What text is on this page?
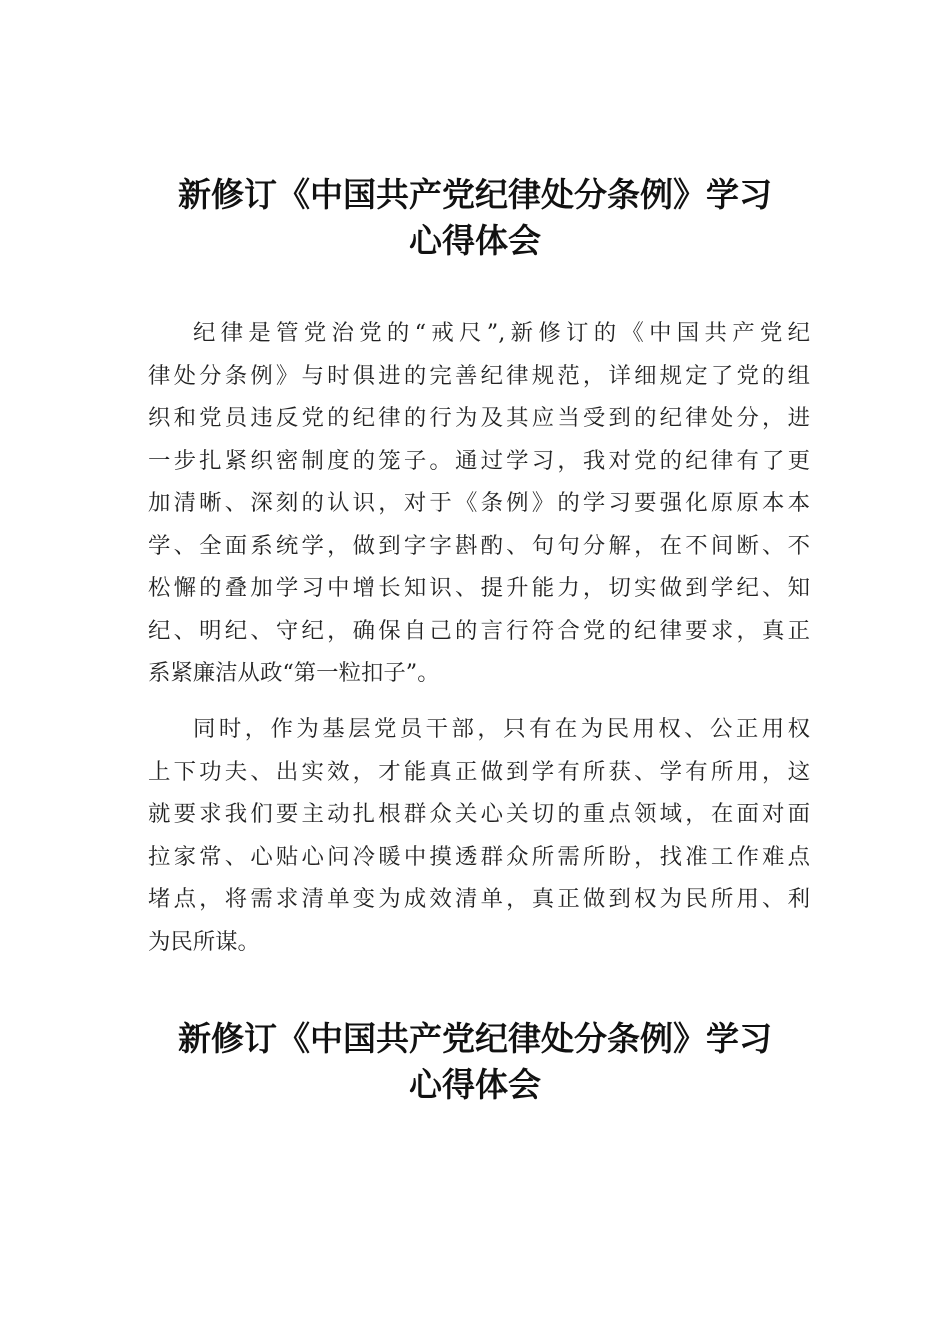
新修订《中国共产党纪律处分条例》学习
心得体会
纪律是管党治党的“戒尺”,新修订的《中国共产党纪
律处分条例》与时俱进的完善纪律规范，详细规定了党的组
织和党员违反党的纪律的行为及其应当受到的纪律处分，进
一步扎紧织密制度的笼子。通过学习，我对党的纪律有了更
加清晰、深刻的认识，对于《条例》的学习要强化原原本本
学、全面系统学，做到字字斟酌、句句分解，在不间断、不
松懈的叠加学习中增长知识、提升能力，切实做到学纪、知
纪、明纪、守纪，确保自己的言行符合党的纪律要求，真正
系紧廉洁从政“第一粒扣子”。
同时，作为基层党员干部，只有在为民用权、公正用权
上下功夫、出实效，才能真正做到学有所获、学有所用，这
就要求我们要主动扎根群众关心关切的重点领域，在面对面
拉家常、心贴心问冷暖中摸透群众所需所盼，找准工作难点
堵点，将需求清单变为成效清单，真正做到权为民所用、利
为民所谋。
新修订《中国共产党纪律处分条例》学习
心得体会
